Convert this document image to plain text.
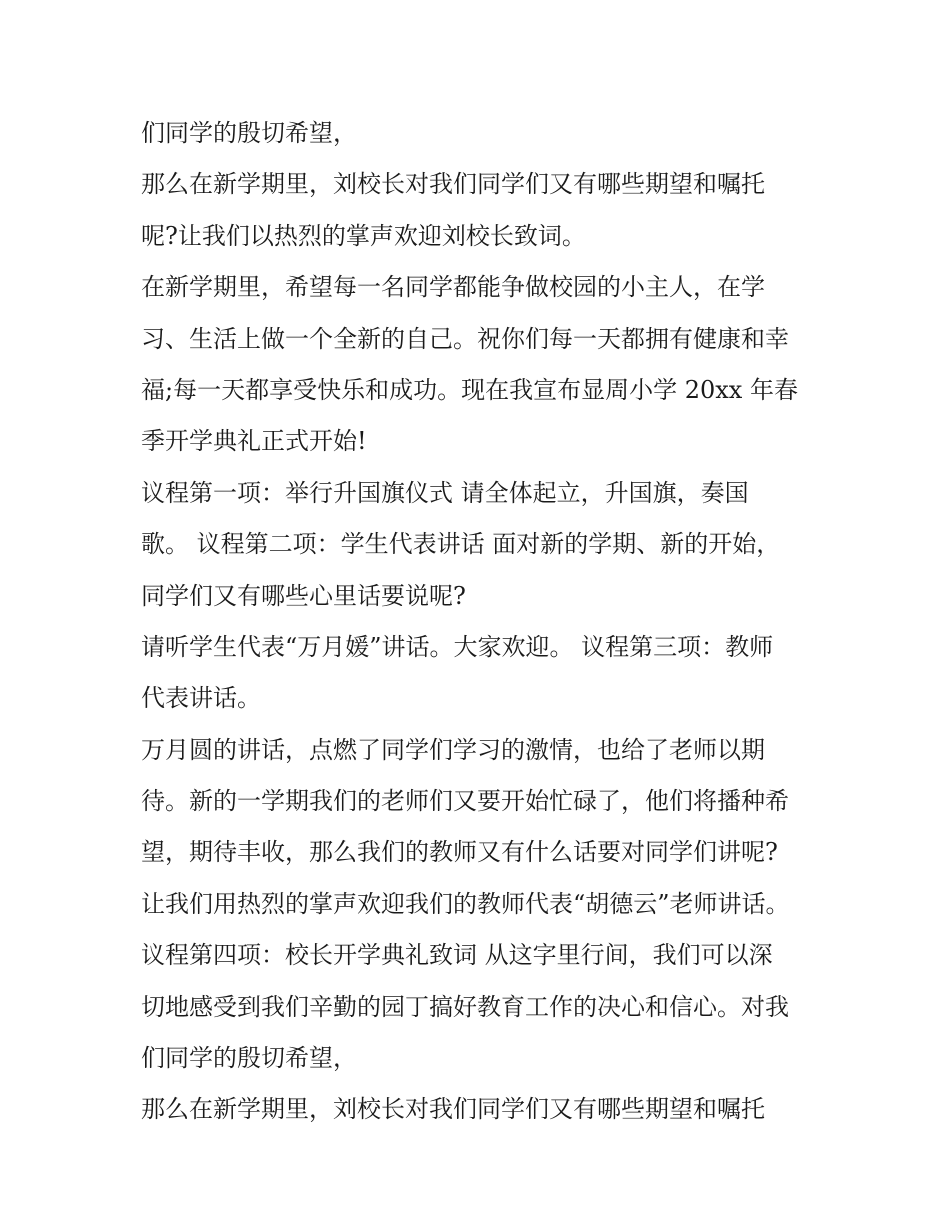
们同学的殷切希望，
那么在新学期里，刘校长对我们同学们又有哪些期望和嘱托
呢?让我们以热烈的掌声欢迎刘校长致词。
在新学期里，希望每一名同学都能争做校园的小主人，在学
习、生活上做一个全新的自己。祝你们每一天都拥有健康和幸
福;每一天都享受快乐和成功。现在我宣布显周小学 20xx 年春
季开学典礼正式开始!
议程第一项：举行升国旗仪式 请全体起立，升国旗，奏国
歌。 议程第二项：学生代表讲话 面对新的学期、新的开始，
同学们又有哪些心里话要说呢?
请听学生代表“万月媛”讲话。大家欢迎。 议程第三项：教师
代表讲话。
万月圆的讲话，点燃了同学们学习的激情，也给了老师以期
待。新的一学期我们的老师们又要开始忙碌了，他们将播种希
望，期待丰收，那么我们的教师又有什么话要对同学们讲呢?
让我们用热烈的掌声欢迎我们的教师代表“胡德云”老师讲话。
议程第四项：校长开学典礼致词 从这字里行间，我们可以深
切地感受到我们辛勤的园丁搞好教育工作的决心和信心。对我
们同学的殷切希望，
那么在新学期里，刘校长对我们同学们又有哪些期望和嘱托
